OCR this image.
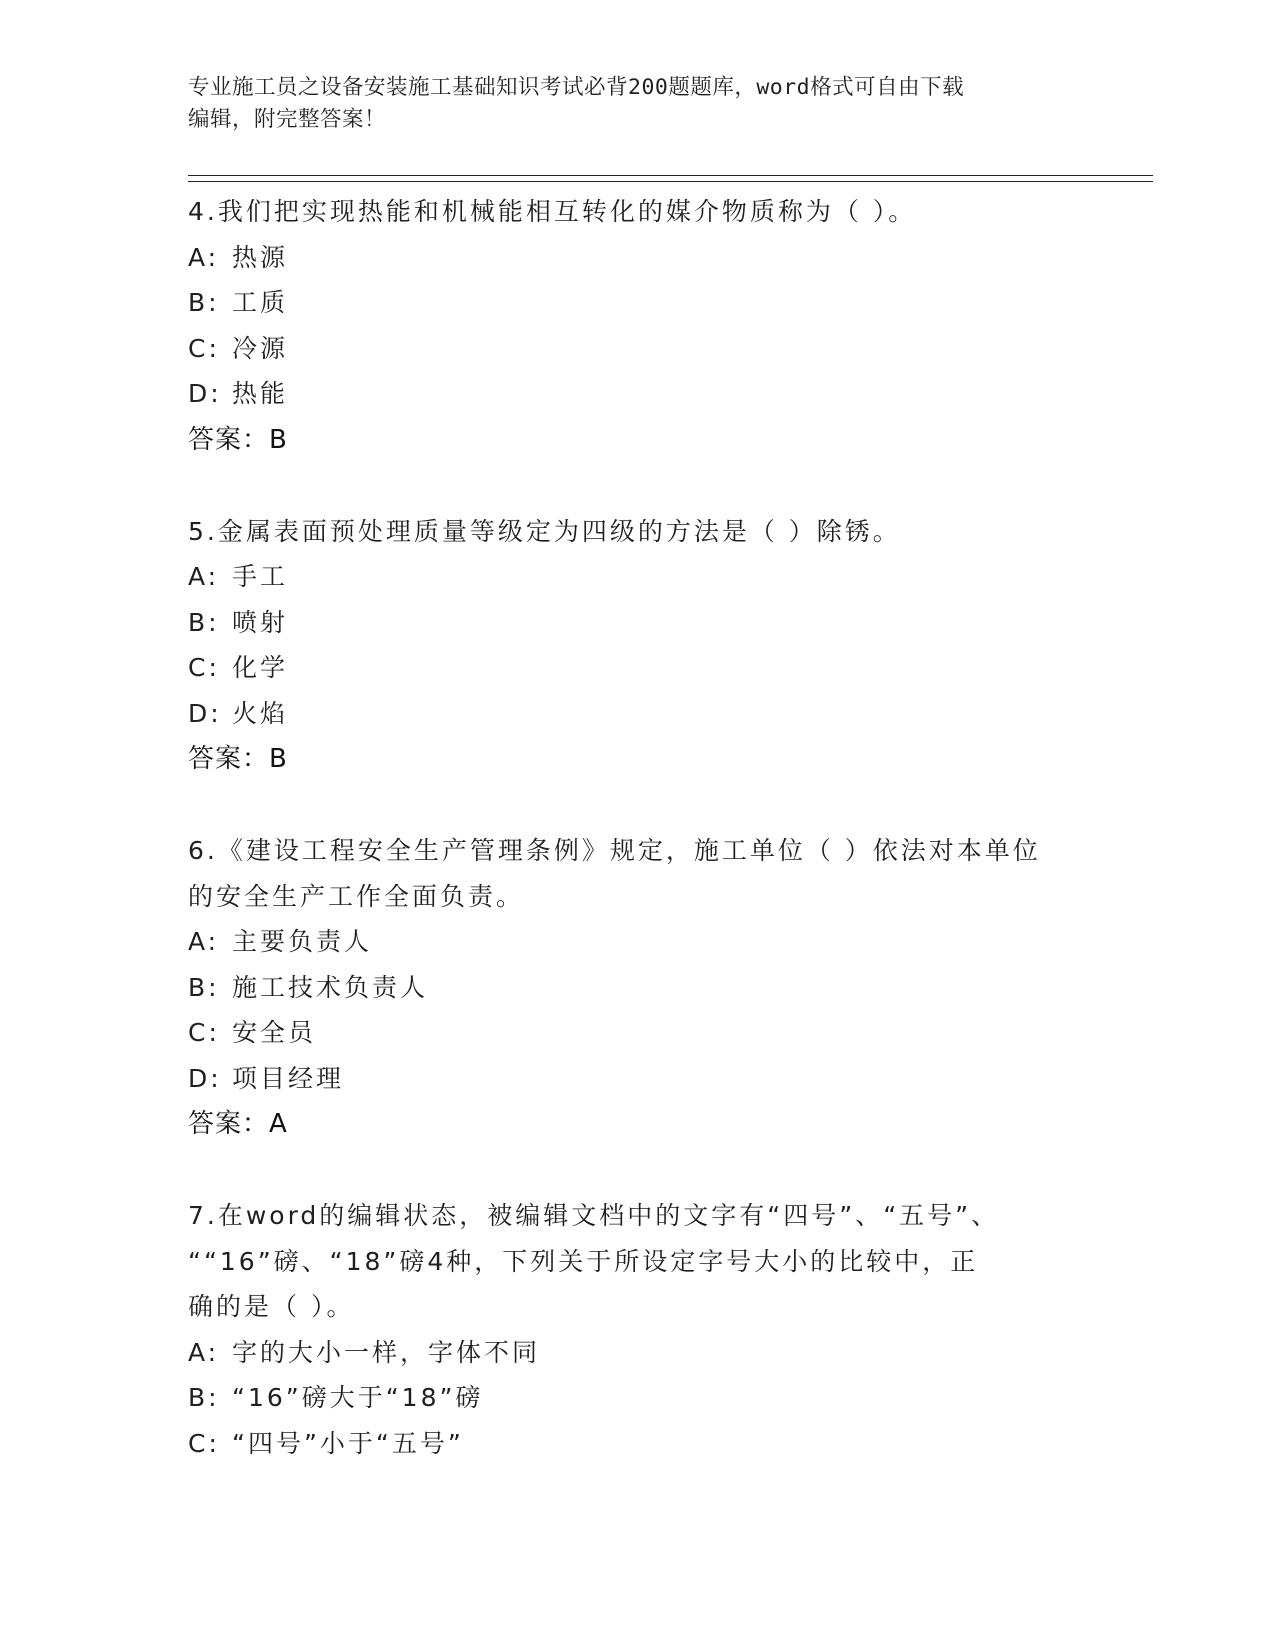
专业施工员之设备安装施工基础知识考试必背200题题库，word格式可自由下载
编辑，附完整答案！
4.我们把实现热能和机械能相互转化的媒介物质称为（ ）。
A: 热源
B: 工质
C: 冷源
D: 热能
答案：B
5.金属表面预处理质量等级定为四级的方法是（ ）除锈。
A: 手工
B: 喷射
C: 化学
D: 火焰
答案：B
6.《建设工程安全生产管理条例》规定，施工单位（ ）依法对本单位
的安全生产工作全面负责。
A: 主要负责人
B: 施工技术负责人
C: 安全员
D: 项目经理
答案：A
7.在word的编辑状态，被编辑文档中的文字有“四号”、“五号”、
““16”磅、“18”磅4种，下列关于所设定字号大小的比较中，正
确的是（ ）。
A: 字的大小一样，字体不同
B: “16”磅大于“18”磅
C: “四号”小于“五号”
